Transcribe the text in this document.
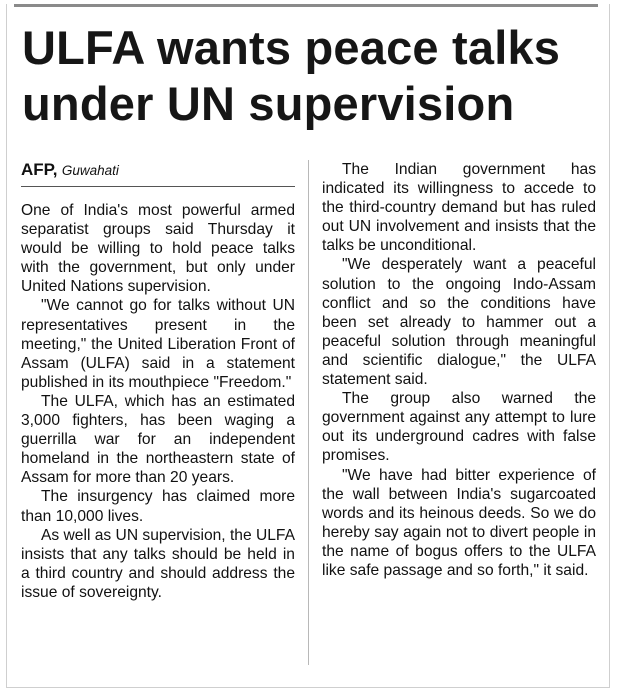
ULFA wants peace talks under UN supervision
AFP, Guwahati

One of India's most powerful armed separatist groups said Thursday it would be willing to hold peace talks with the government, but only under United Nations supervision.

"We cannot go for talks without UN representatives present in the meeting," the United Liberation Front of Assam (ULFA) said in a statement published in its mouthpiece "Freedom."

The ULFA, which has an estimated 3,000 fighters, has been waging a guerrilla war for an independent homeland in the northeastern state of Assam for more than 20 years.

The insurgency has claimed more than 10,000 lives.

As well as UN supervision, the ULFA insists that any talks should be held in a third country and should address the issue of sovereignty.

The Indian government has indicated its willingness to accede to the third-country demand but has ruled out UN involvement and insists that the talks be unconditional.

"We desperately want a peaceful solution to the ongoing Indo-Assam conflict and so the conditions have been set already to hammer out a peaceful solution through meaningful and scientific dialogue," the ULFA statement said.

The group also warned the government against any attempt to lure out its underground cadres with false promises.

"We have had bitter experience of the wall between India's sugarcoated words and its heinous deeds. So we do hereby say again not to divert people in the name of bogus offers to the ULFA like safe passage and so forth," it said.
